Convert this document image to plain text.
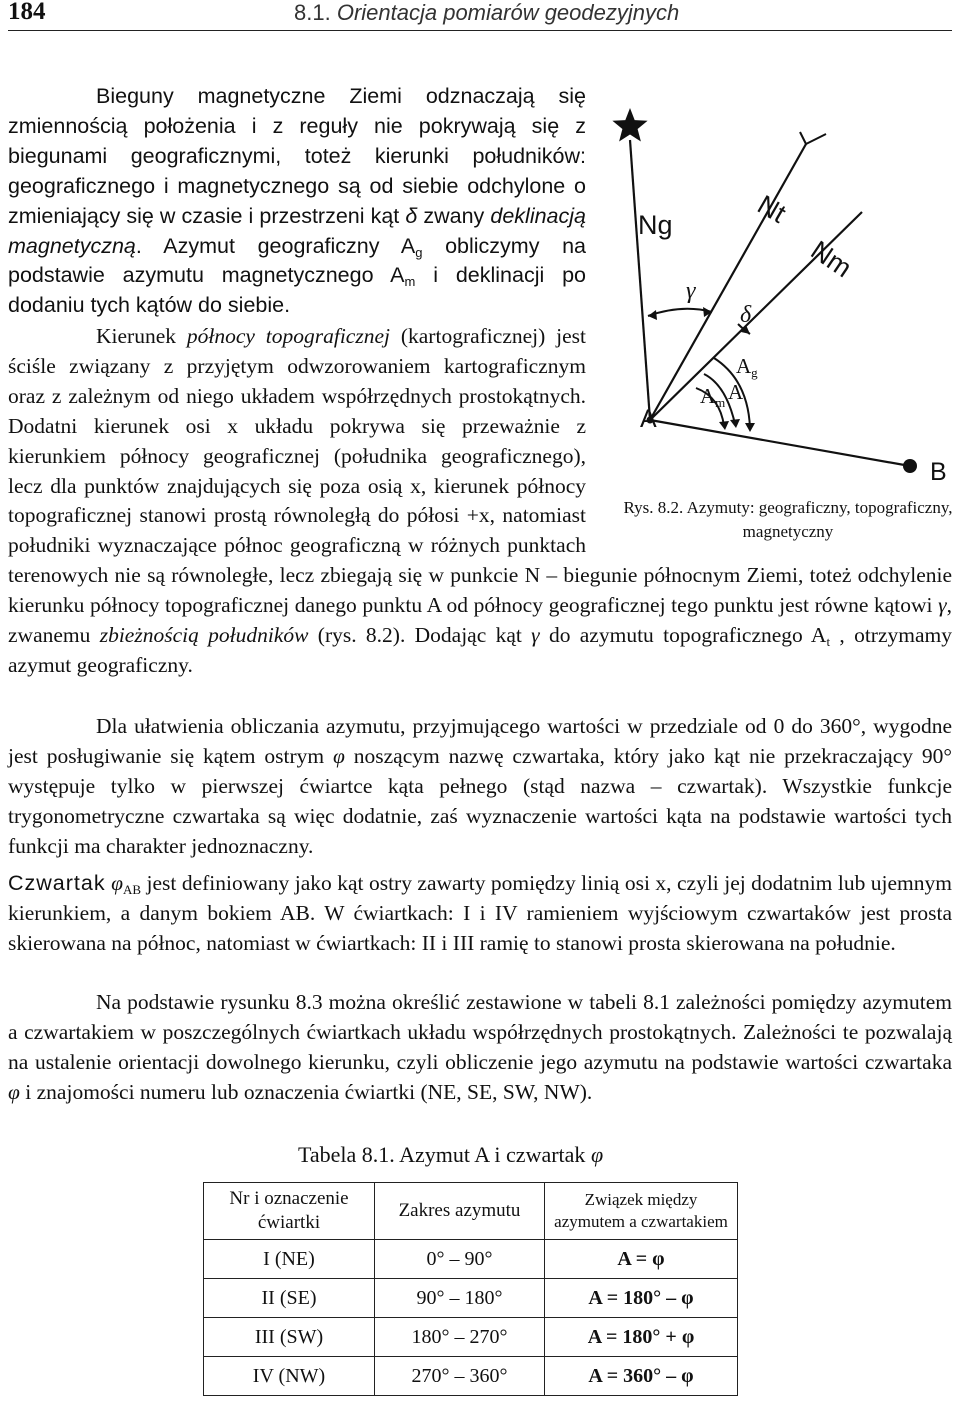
184	8.1. Orientacja pomiarów geodezyjnych

Bieguny magnetyczne Ziemi odznaczają się zmiennością położenia i z reguły nie pokrywają się z biegunami geograficznymi, toteż kierunki południków: geograficznego i magnetycznego są od siebie odchylone o zmieniający się w czasie i przestrzeni kąt δ zwany deklinacją magnetyczną. Azymut geograficzny $A_g$ obliczymy na podstawie azymutu magnetycznego $A_m$ i deklinacji po dodaniu tych kątów do siebie.

Kierunek północy topograficznej (kartograficznej) jest ściśle związany z przyjętym odwzorowaniem kartograficznym oraz z zależnym od niego układem współrzędnych prostokątnych. Dodatni kierunek osi x układu pokrywa się przeważnie z kierunkiem północy geograficznej (południka geograficznego), lecz dla punktów znajdujących się poza osią x, kierunek północy topograficznej stanowi prostą równoległą do półosi +x, natomiast południki wyznaczające północ geograficzną w różnych punktach terenowych nie są równoległe, lecz zbiegają się w punkcie N – biegunie północnym Ziemi, toteż odchylenie kierunku północy topograficznej danego punktu A od północy geograficznej tego punktu jest równe kątowi γ, zwanemu zbieżnością południków (rys. 8.2). Dodając kąt γ do azymutu topograficznego $A_t$ , otrzymamy azymut geograficzny.

Dla ułatwienia obliczania azymutu, przyjmującego wartości w przedziale od 0 do 360°, wygodne jest posługiwanie się kątem ostrym φ noszącym nazwę czwartaka, który jako kąt nie przekraczający 90° występuje tylko w pierwszej ćwiartce kąta pełnego (stąd nazwa – czwartak). Wszystkie funkcje trygonometryczne czwartaka są więc dodatnie, zaś wyznaczenie wartości kąta na podstawie wartości tych funkcji ma charakter jednoznaczny.

Czwartak $\varphi_{AB}$ jest definiowany jako kąt ostry zawarty pomiędzy linią osi x, czyli jej dodatnim lub ujemnym kierunkiem, a danym bokiem AB. W ćwiartkach: I i IV ramieniem wyjściowym czwartaków jest prosta skierowana na północ, natomiast w ćwiartkach: II i III ramię to stanowi prosta skierowana na południe.

Na podstawie rysunku 8.3 można określić zestawione w tabeli 8.1 zależności pomiędzy azymutem a czwartakiem w poszczególnych ćwiartkach układu współrzędnych prostokątnych. Zależności te pozwalają na ustalenie orientacji dowolnego kierunku, czyli obliczenie jego azymutu na podstawie wartości czwartaka φ i znajomości numeru lub oznaczenia ćwiartki (NE, SE, SW, NW).

Ng	Nt
Nm
γ
δ
$A_g$
$A_m$ A
A
B
Rys. 8.2. Azymuty: geograficzny, topograficzny, magnetyczny
Tabela 8.1. Azymut A i czwartak φ
Nr i oznaczenie ćwiartki	Zakres azymutu	Związek między azymutem a czwartakiem
I (NE)	0° – 90°	A = φ
II (SE)	90° – 180°	A = 180° – φ
III (SW)	180° – 270°	A = 180° + φ
IV (NW)	270° – 360°	A = 360° – φ
